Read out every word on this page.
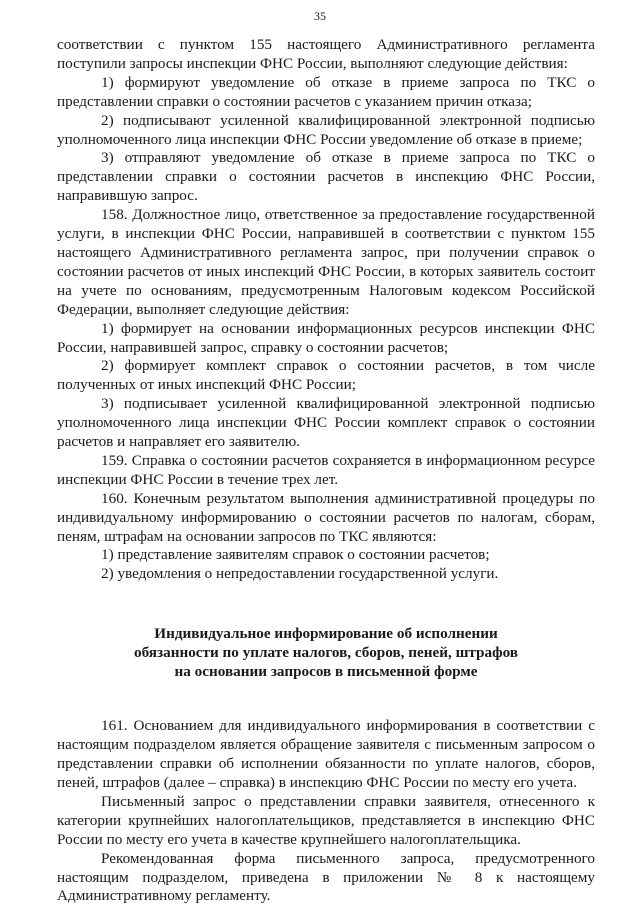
35

соответствии с пунктом 155 настоящего Административного регламента поступили запросы инспекции ФНС России, выполняют следующие действия:

1) формируют уведомление об отказе в приеме запроса по ТКС о представлении справки о состоянии расчетов с указанием причин отказа;

2) подписывают усиленной квалифицированной электронной подписью уполномоченного лица инспекции ФНС России уведомление об отказе в приеме;

3) отправляют уведомление об отказе в приеме запроса по ТКС о представлении справки о состоянии расчетов в инспекцию ФНС России, направившую запрос.

158. Должностное лицо, ответственное за предоставление государственной услуги, в инспекции ФНС России, направившей в соответствии с пунктом 155 настоящего Административного регламента запрос, при получении справок о состоянии расчетов от иных инспекций ФНС России, в которых заявитель состоит на учете по основаниям, предусмотренным Налоговым кодексом Российской Федерации, выполняет следующие действия:

1) формирует на основании информационных ресурсов инспекции ФНС России, направившей запрос, справку о состоянии расчетов;

2) формирует комплект справок о состоянии расчетов, в том числе полученных от иных инспекций ФНС России;

3) подписывает усиленной квалифицированной электронной подписью уполномоченного лица инспекции ФНС России комплект справок о состоянии расчетов и направляет его заявителю.

159. Справка о состоянии расчетов сохраняется в информационном ресурсе инспекции ФНС России в течение трех лет.

160. Конечным результатом выполнения административной процедуры по индивидуальному информированию о состоянии расчетов по налогам, сборам, пеням, штрафам на основании запросов по ТКС являются:

1) представление заявителям справок о состоянии расчетов;

2) уведомления о непредоставлении государственной услуги.

Индивидуальное информирование об исполнении
обязанности по уплате налогов, сборов, пеней, штрафов
на основании запросов в письменной форме

161. Основанием для индивидуального информирования в соответствии с настоящим подразделом является обращение заявителя с письменным запросом о представлении справки об исполнении обязанности по уплате налогов, сборов, пеней, штрафов (далее – справка) в инспекцию ФНС России по месту его учета.

Письменный запрос о представлении справки заявителя, отнесенного к категории крупнейших налогоплательщиков, представляется в инспекцию ФНС России по месту его учета в качестве крупнейшего налогоплательщика.

Рекомендованная форма письменного запроса, предусмотренного настоящим подразделом, приведена в приложении № 8 к настоящему Административному регламенту.
